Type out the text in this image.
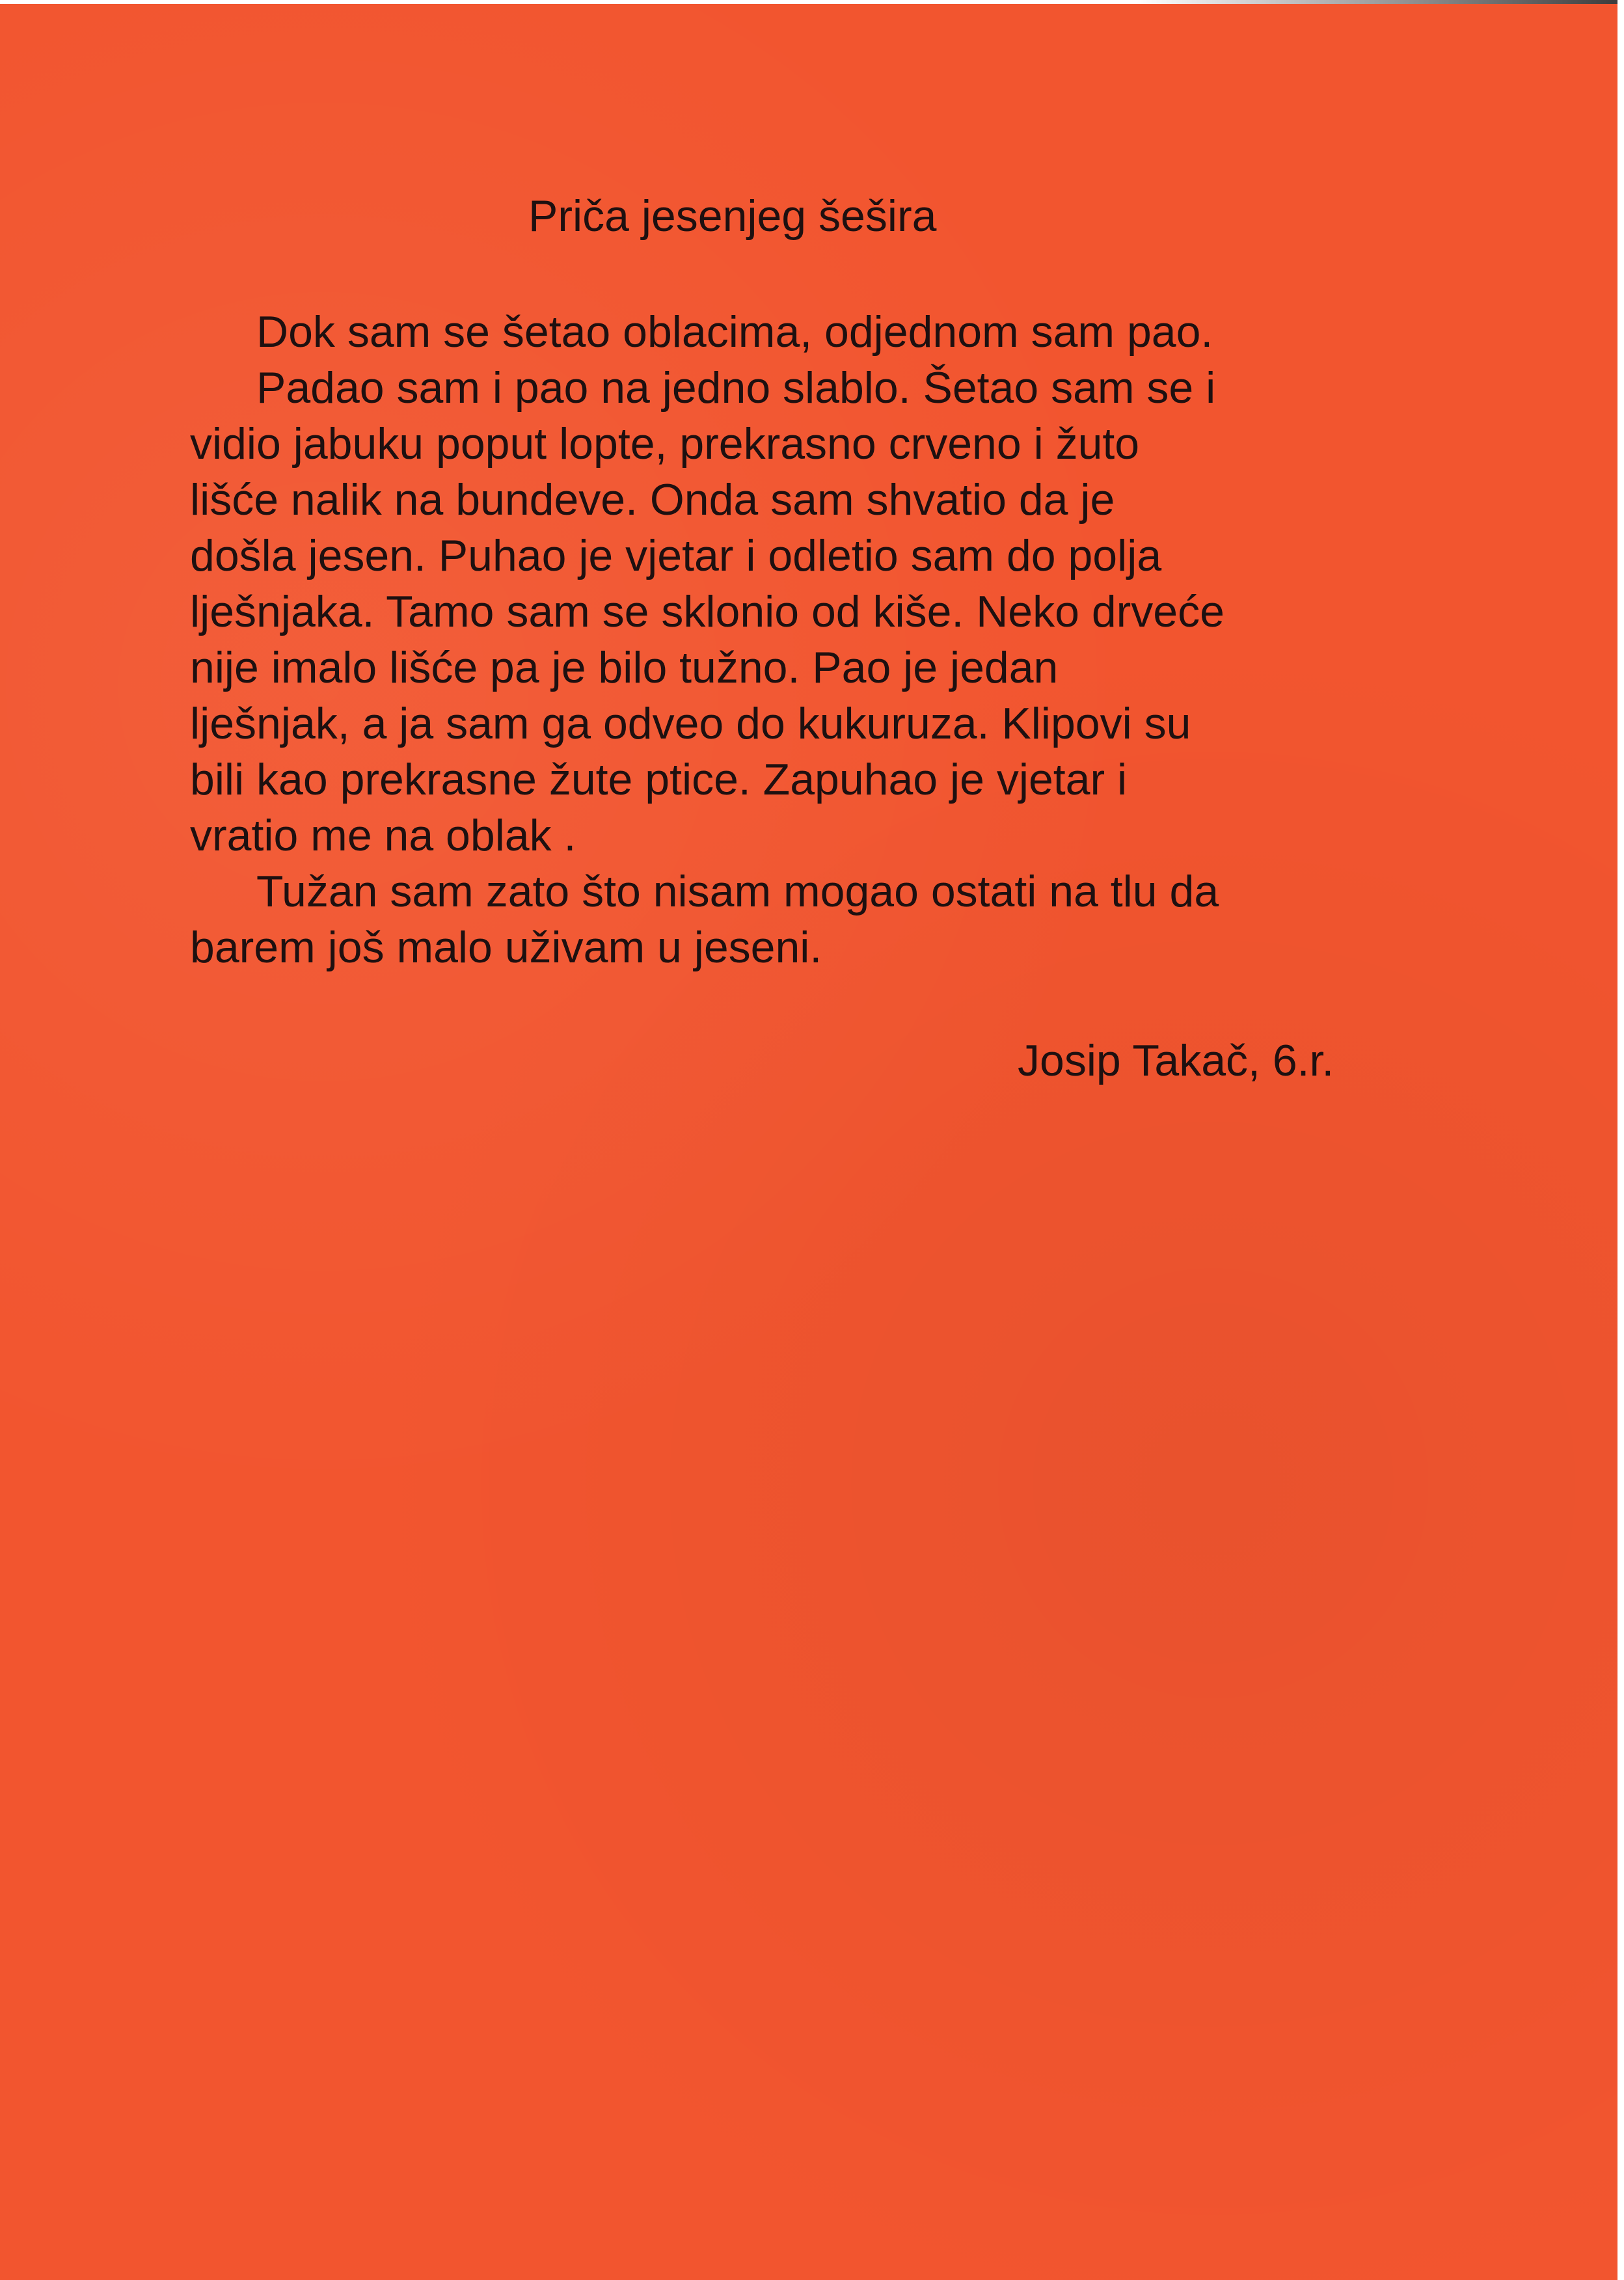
Priča jesenjeg šešira
Dok sam se šetao oblacima, odjednom sam pao.
Padao sam i pao na jedno slablo. Šetao sam se i
vidio jabuku poput lopte, prekrasno crveno i žuto
lišće nalik na bundeve. Onda sam shvatio da je
došla jesen. Puhao je vjetar i odletio sam do polja
lješnjaka. Tamo sam se sklonio od kiše. Neko drveće
nije imalo lišće pa je bilo tužno. Pao je jedan
lješnjak, a ja sam ga odveo do kukuruza. Klipovi su
bili kao prekrasne žute ptice. Zapuhao je vjetar i
vratio me na oblak .
Tužan sam zato što nisam mogao ostati na tlu da
barem još malo uživam u jeseni.
Josip Takač, 6.r.
